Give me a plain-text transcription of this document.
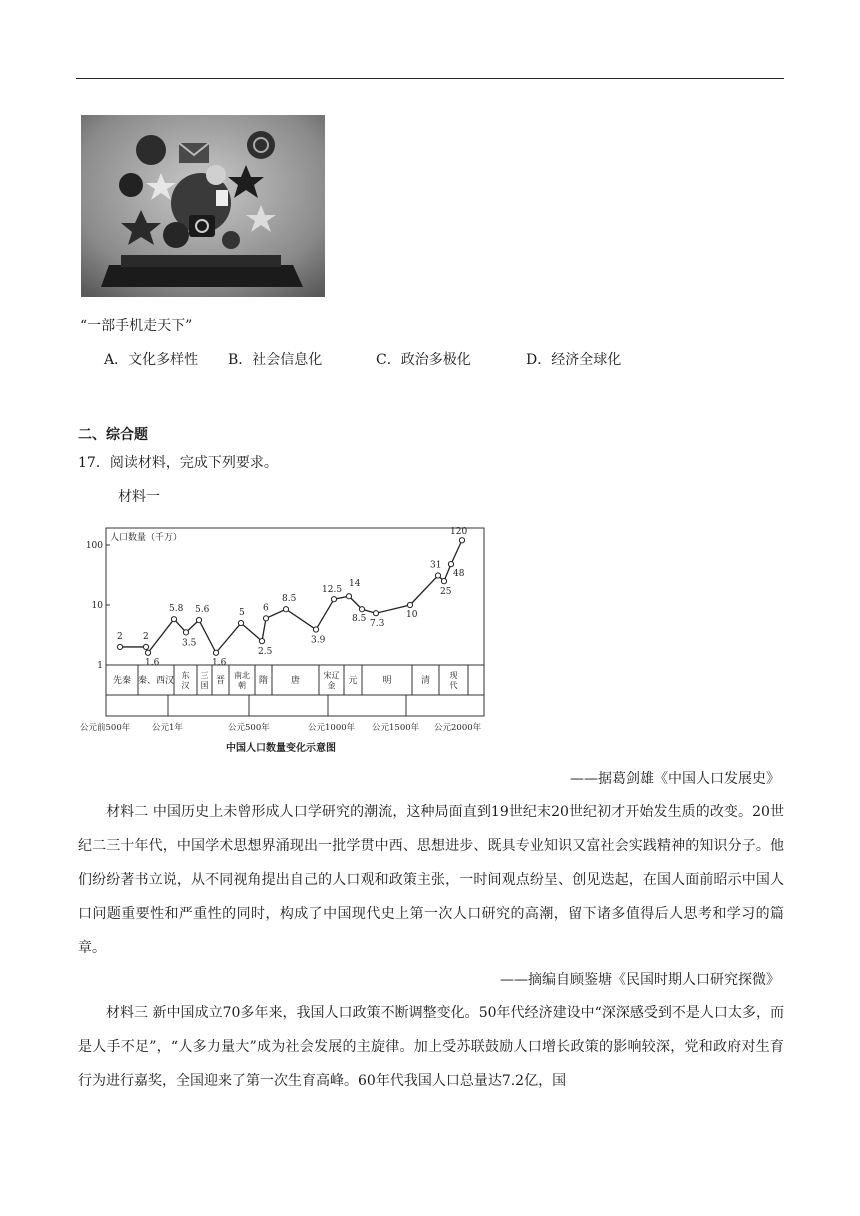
“一部手机走天下”
A．文化多样性 B．社会信息化	C．政治多极化	D．经济全球化
二、综合题
17．阅读材料，完成下列要求。
材料一
人口数量（千万）
1
10
100
2 2
1.6
5.8
3.5
5.6
1.6
5
2.5
6
8.5
3.9
12.5
14
8.5 7.3
10
31
25
48
120
先秦 秦、西汉
东
汉
三
国 晋
南北
朝 隋	唐
宋辽
金 元	明	清
现
代
公元前500年	公元1年	公元500年	公元1000年 公元1500年 公元2000年
中国人口数量变化示意图
——据葛剑雄《中国人口发展史》
材料二 中国历史上未曾形成人口学研究的潮流，这种局面直到19世纪末20世纪初才开始发生质的改变。20世纪二三十年代，中国学术思想界涌现出一批学贯中西、思想进步、既具专业知识又富社会实践精神的知识分子。他们纷纷著书立说，从不同视角提出自己的人口观和政策主张，一时间观点纷呈、创见迭起，在国人面前昭示中国人口问题重要性和严重性的同时，构成了中国现代史上第一次人口研究的高潮，留下诸多值得后人思考和学习的篇章。
——摘编自顾鉴塘《民国时期人口研究探微》
材料三 新中国成立70多年来，我国人口政策不断调整变化。50年代经济建设中“深深感受到不是人口太多，而是人手不足”，“人多力量大”成为社会发展的主旋律。加上受苏联鼓励人口增长政策的影响较深，党和政府对生育行为进行嘉奖，全国迎来了第一次生育高峰。60年代我国人口总量达7.2亿，国
